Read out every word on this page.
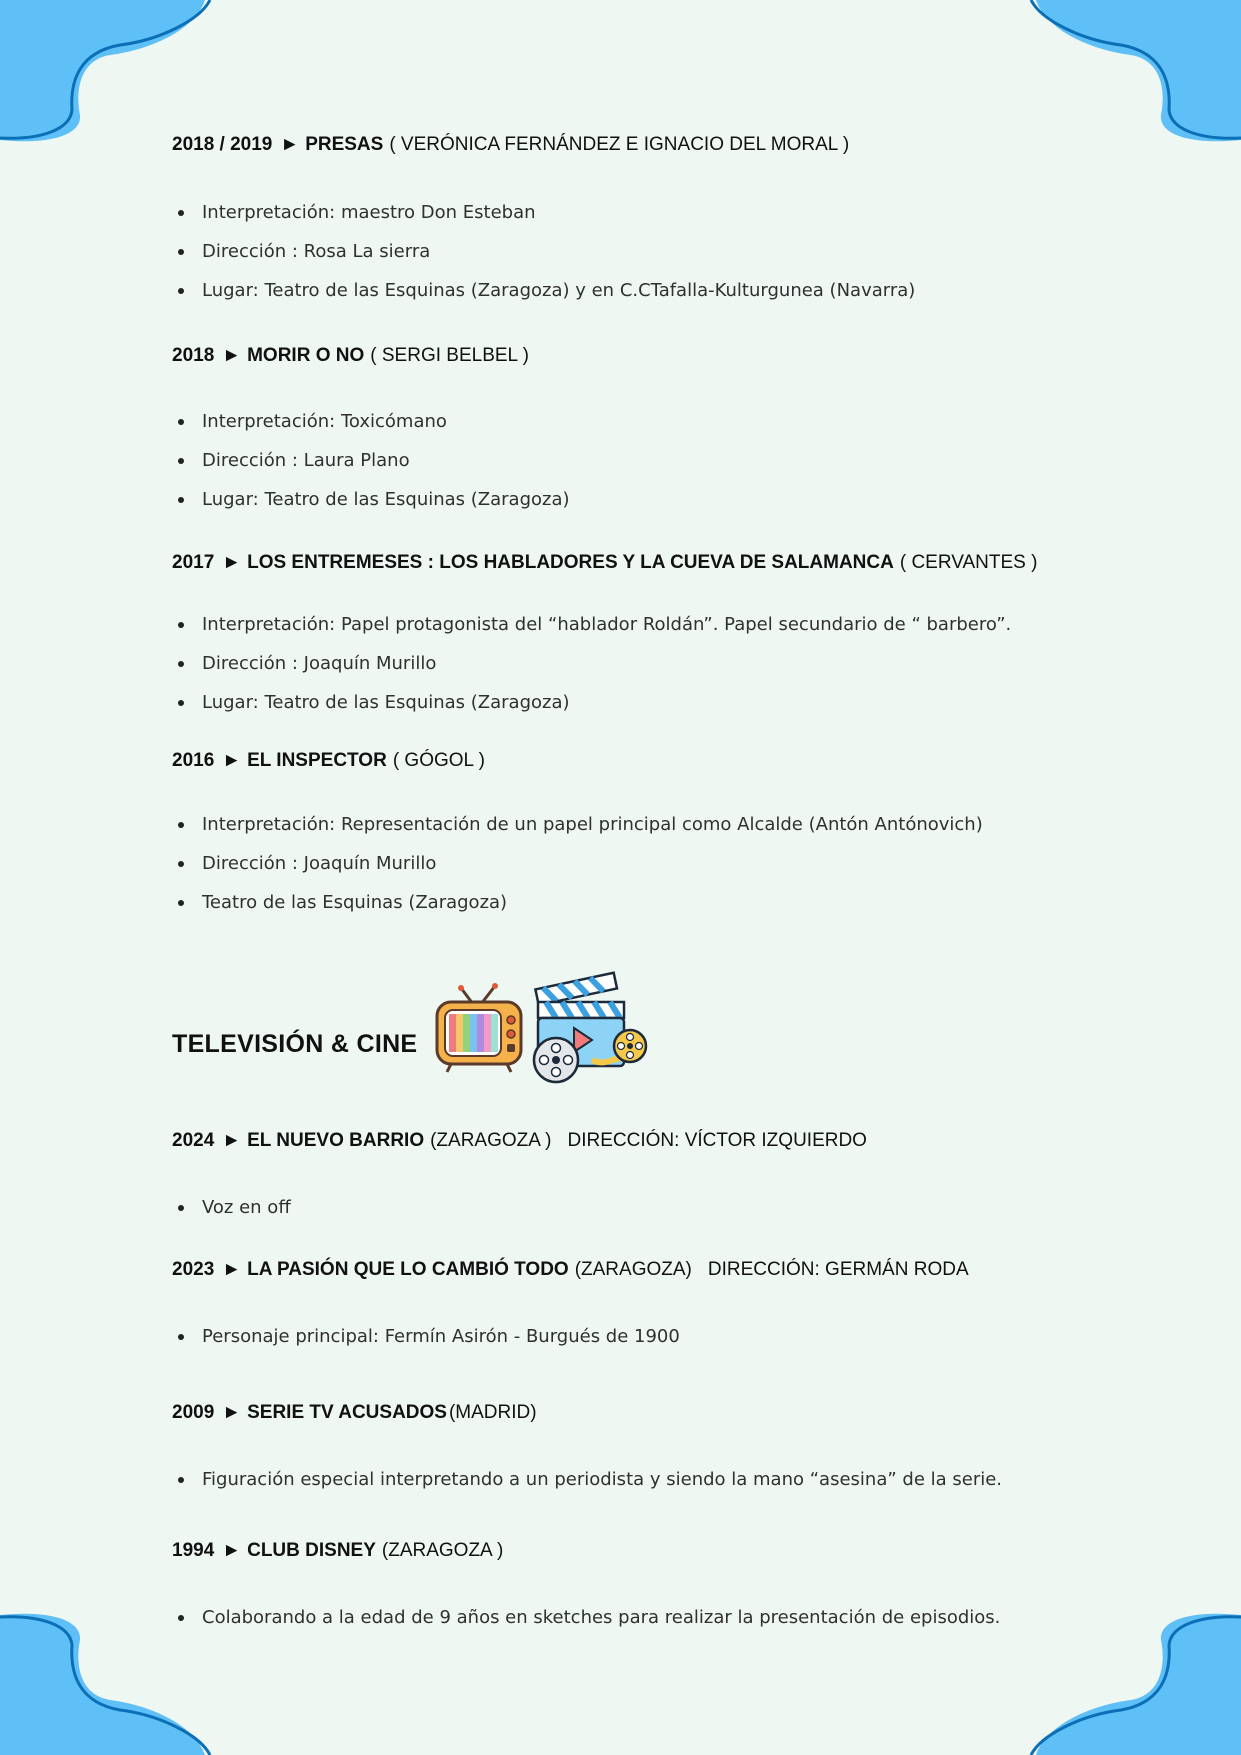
2018 / 2019 ► PRESAS ( VERÓNICA FERNÁNDEZ E IGNACIO DEL MORAL )
Interpretación: maestro Don Esteban
Dirección : Rosa La sierra
Lugar: Teatro de las Esquinas (Zaragoza) y en C.CTafalla-Kulturgunea (Navarra)
2018 ► MORIR O NO ( SERGI BELBEL )
Interpretación: Toxicómano
Dirección : Laura Plano
Lugar: Teatro de las Esquinas (Zaragoza)
2017 ► LOS ENTREMESES : LOS HABLADORES Y LA CUEVA DE SALAMANCA ( CERVANTES )
Interpretación: Papel protagonista del “hablador Roldán”. Papel secundario de “ barbero”.
Dirección : Joaquín Murillo
Lugar: Teatro de las Esquinas (Zaragoza)
2016 ► EL INSPECTOR ( GÓGOL )
Interpretación: Representación de un papel principal como Alcalde (Antón Antónovich)
Dirección : Joaquín Murillo
Teatro de las Esquinas (Zaragoza)
TELEVISIÓN & CINE
2024 ► EL NUEVO BARRIO (ZARAGOZA ) DIRECCIÓN: VÍCTOR IZQUIERDO
Voz en off
2023 ► LA PASIÓN QUE LO CAMBIÓ TODO (ZARAGOZA) DIRECCIÓN: GERMÁN RODA
Personaje principal: Fermín Asirón - Burgués de 1900
2009 ► SERIE TV ACUSADOS (MADRID)
Figuración especial interpretando a un periodista y siendo la mano “asesina” de la serie.
1994 ► CLUB DISNEY (ZARAGOZA )
Colaborando a la edad de 9 años en sketches para realizar la presentación de episodios.
